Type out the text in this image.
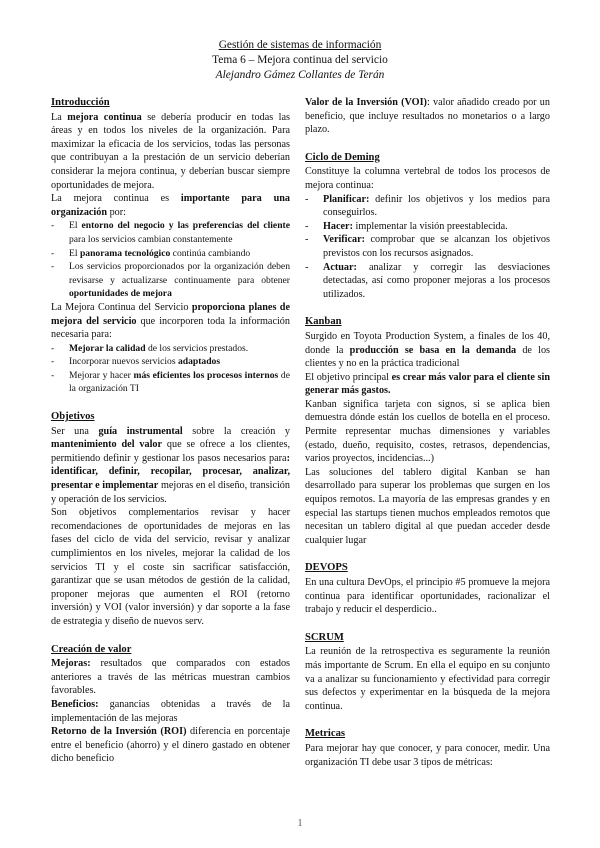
Gestión de sistemas de información
Tema 6 – Mejora continua del servicio
Alejandro Gámez Collantes de Terán
Introducción

La mejora continua se debería producir en todas las áreas y en todos los niveles de la organización. Para maximizar la eficacia de los servicios, todas las personas que contribuyan a la prestación de un servicio deberían considerar la mejora continua, y deberían buscar siempre oportunidades de mejora.

La mejora continua es importante para una organización por:

- El entorno del negocio y las preferencias del cliente para los servicios cambian constantemente
- El panorama tecnológico continúa cambiando
- Los servicios proporcionados por la organización deben revisarse y actualizarse continuamente para obtener oportunidades de mejora

La Mejora Continua del Servicio proporciona planes de mejora del servicio que incorporen toda la información necesaria para:

- Mejorar la calidad de los servicios prestados.
- Incorporar nuevos servicios adaptados
- Mejorar y hacer más eficientes los procesos internos de la organización TI
Objetivos

Ser una guía instrumental sobre la creación y mantenimiento del valor que se ofrece a los clientes, permitiendo definir y gestionar los pasos necesarios para: identificar, definir, recopilar, procesar, analizar, presentar e implementar mejoras en el diseño, transición y operación de los servicios.

Son objetivos complementarios revisar y hacer recomendaciones de oportunidades de mejoras en las fases del ciclo de vida del servicio, revisar y analizar cumplimientos en los niveles, mejorar la calidad de los servicios TI y el coste sin sacrificar satisfacción, garantizar que se usan métodos de gestión de la calidad, proponer mejoras que aumenten el ROI (retorno inversión) y VOI (valor inversión) y dar soporte a la fase de estrategia y diseño de nuevos serv.

Creación de valor

Mejoras: resultados que comparados con estados anteriores a través de las métricas muestran cambios favorables.

Beneficios: ganancias obtenidas a través de la implementación de las mejoras

Retorno de la Inversión (ROI) diferencia en porcentaje entre el beneficio (ahorro) y el dinero gastado en obtener dicho beneficio

Valor de la Inversión (VOI): valor añadido creado por un beneficio, que incluye resultados no monetarios o a largo plazo.

Ciclo de Deming

Constituye la columna vertebral de todos los procesos de mejora continua:

- Planificar: definir los objetivos y los medios para conseguirlos.
- Hacer: implementar la visión preestablecida.
- Verificar: comprobar que se alcanzan los objetivos previstos con los recursos asignados.
- Actuar: analizar y corregir las desviaciones detectadas, así como proponer mejoras a los procesos utilizados.
Kanban

Surgido en Toyota Production System, a finales de los 40, donde la producción se basa en la demanda de los clientes y no en la práctica tradicional

El objetivo principal es crear más valor para el cliente sin generar más gastos.

Kanban significa tarjeta con signos, si se aplica bien demuestra dónde están los cuellos de botella en el proceso. Permite representar muchas dimensiones y variables (estado, dueño, requisito, costes, retrasos, dependencias, varios proyectos, incidencias...)

Las soluciones del tablero digital Kanban se han desarrollado para superar los problemas que surgen en los equipos remotos. La mayoría de las empresas grandes y en especial las startups tienen muchos empleados remotos que necesitan un tablero digital al que puedan acceder desde cualquier lugar

DEVOPS

En una cultura DevOps, el principio #5 promueve la mejora continua para identificar oportunidades, racionalizar el trabajo y reducir el desperdicio..

SCRUM

La reunión de la retrospectiva es seguramente la reunión más importante de Scrum. En ella el equipo en su conjunto va a analizar su funcionamiento y efectividad para corregir sus defectos y experimentar en la búsqueda de la mejora continua.

Metricas

Para mejorar hay que conocer, y para conocer, medir. Una organización TI debe usar 3 tipos de métricas:

1
